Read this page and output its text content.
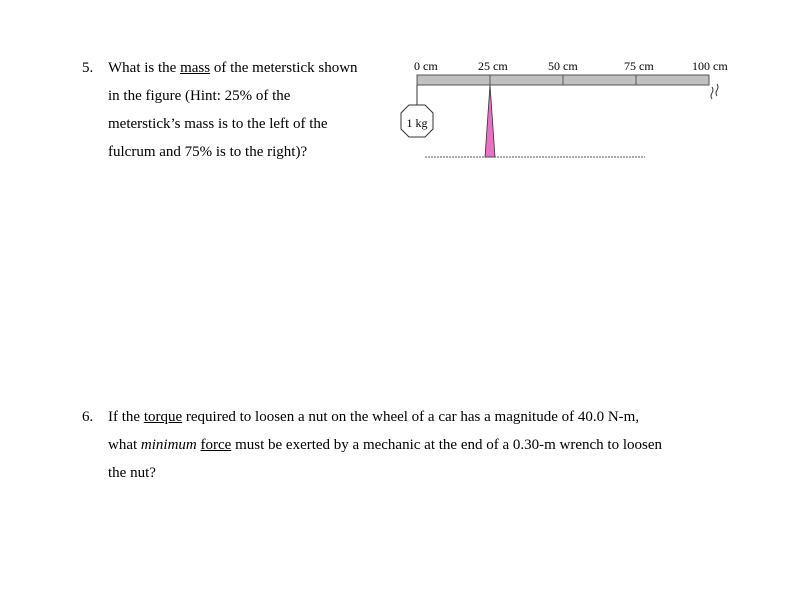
5. What is the mass of the meterstick shown
in the figure (Hint: 25% of the
meterstick’s mass is to the left of the
fulcrum and 75% is to the right)?
0 cm	25 cm	50 cm	75 cm	100 cm
1 kg
6. If the torque required to loosen a nut on the wheel of a car has a magnitude of 40.0 N-m,
what minimum force must be exerted by a mechanic at the end of a 0.30-m wrench to loosen
the nut?
